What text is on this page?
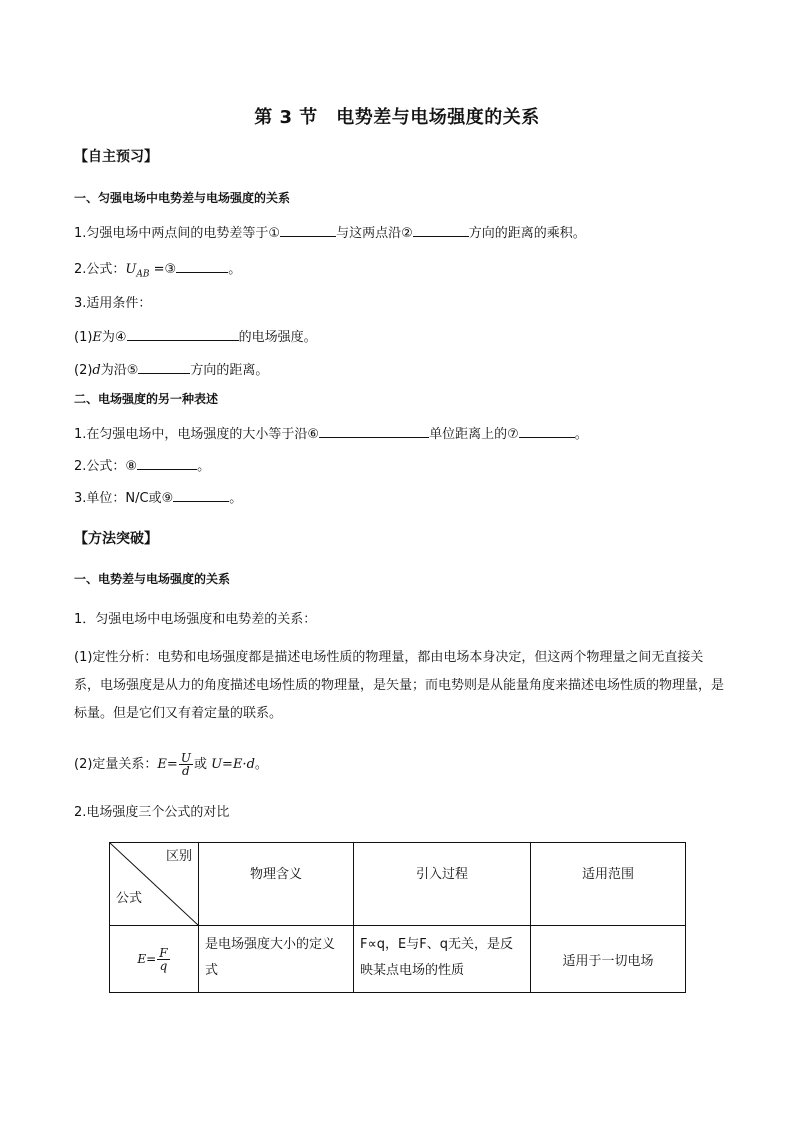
第 3 节　电势差与电场强度的关系
【自主预习】
一、匀强电场中电势差与电场强度的关系
1.匀强电场中两点间的电势差等于①	与这两点沿②	方向的距离的乘积。
2.公式：$U_{AB}$ =③	。
3.适用条件：
(1)E为④	的电场强度。
(2)d为沿⑤	方向的距离。
二、电场强度的另一种表述
1.在匀强电场中，电场强度的大小等于沿⑥	单位距离上的⑦	。
2.公式：⑧	。
3.单位：N/C或⑨	。
【方法突破】
一、电势差与电场强度的关系
1．匀强电场中电场强度和电势差的关系：
(1)定性分析：电势和电场强度都是描述电场性质的物理量，都由电场本身决定，但这两个物理量之间无直接关系，电场强度是从力的角度描述电场性质的物理量，是矢量；而电势则是从能量角度来描述电场性质的物理量，是标量。但是它们又有着定量的联系。
(2)定量关系：$E= \frac{U}{d}$ 或 U=E·d。
2.电场强度三个公式的对比
区别
公式	物理含义	引入过程	适用范围

$E= \frac{F}{q}$	是电场强度大小的定义式	F∝q，E与F、q无关，是反映某点电场的性质	适用于一切电场
